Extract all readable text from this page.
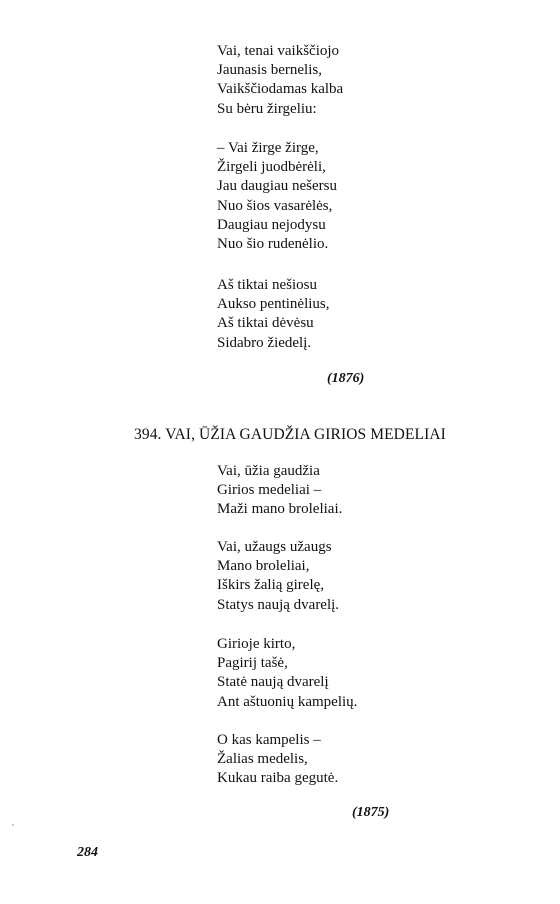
Vai, tenai vaikščiojo
Jaunasis bernelis,
Vaikščiodamas kalba
Su bėru žirgeliu:
– Vai žirge žirge,
Žirgeli juodbėrėli,
Jau daugiau nešersu
Nuo šios vasarėlės,
Daugiau nejodysu
Nuo šio rudenėlio.
Aš tiktai nešiosu
Aukso pentinėlius,
Aš tiktai dėvėsu
Sidabro žiedelį.
(1876)
394. VAI, ŪŽIA GAUDŽIA GIRIOS MEDELIAI
Vai, ūžia gaudžia
Girios medeliai –
Maži mano broleliai.
Vai, užaugs užaugs
Mano broleliai,
Iškirs žalią girelę,
Statys naują dvarelį.
Girioje kirto,
Pagirij tašė,
Statė naują dvarelį
Ant aštuonių kampelių.
O kas kampelis –
Žalias medelis,
Kukau raiba gegutė.
(1875)
284
